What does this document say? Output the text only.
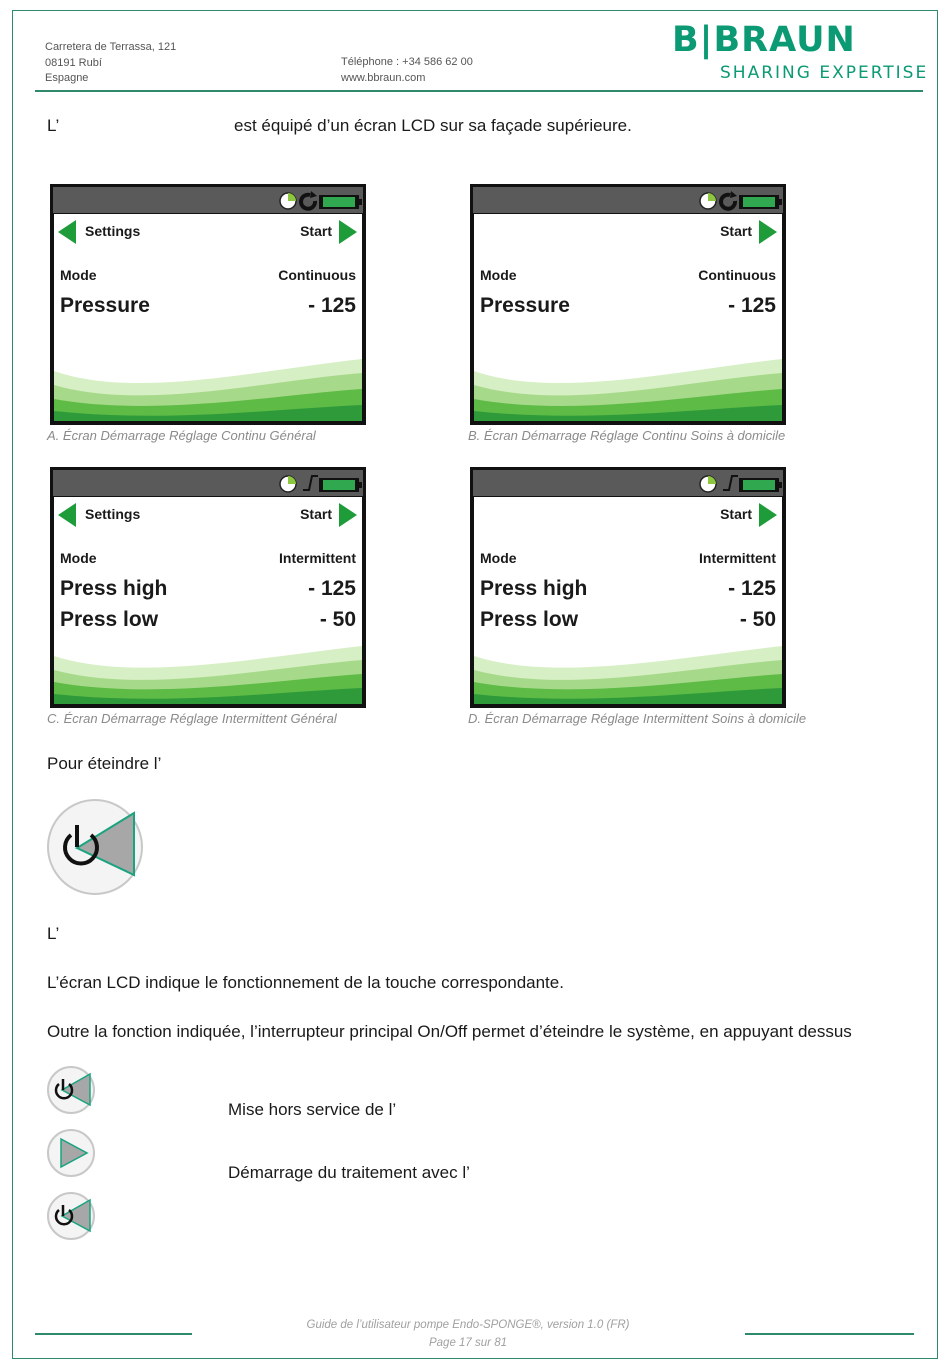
Carretera de Terrassa, 121
08191 Rubí
Espagne
Téléphone : +34 586 62 00
www.bbraun.com
B|BRAUN
SHARING EXPERTISE
L’	est équipé d’un écran LCD sur sa façade supérieure.
Settings	Start
Mode	Continuous
Pressure	- 125
A. Écran Démarrage Réglage Continu Général
Start
Mode	Continuous
Pressure	- 125
B. Écran Démarrage Réglage Continu Soins à domicile
Settings	Start
Mode	Intermittent
Press high	- 125
Press low	- 50
C. Écran Démarrage Réglage Intermittent Général
Start
Mode	Intermittent
Press high	- 125
Press low	- 50
D. Écran Démarrage Réglage Intermittent Soins à domicile
Pour éteindre l’
L’
L’écran LCD indique le fonctionnement de la touche correspondante.
Outre la fonction indiquée, l’interrupteur principal On/Off permet d’éteindre le système, en appuyant dessus
Mise hors service de l’
Démarrage du traitement avec l’
Guide de l’utilisateur pompe Endo-SPONGE®, version 1.0 (FR)
Page 17 sur 81
